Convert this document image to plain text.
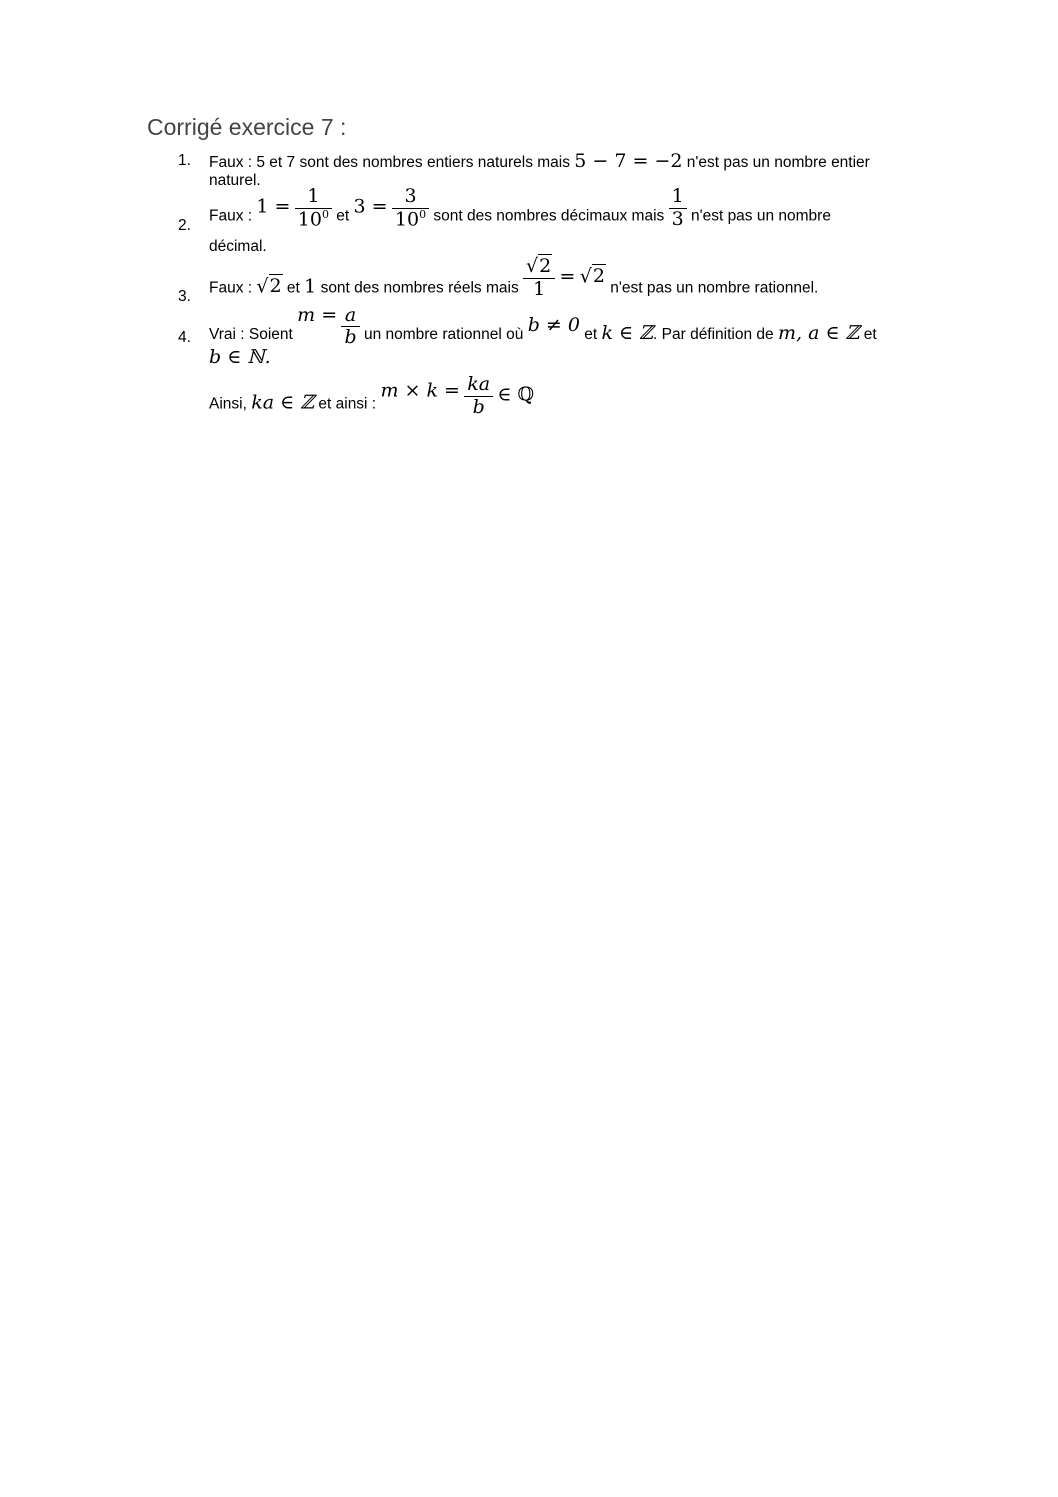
Corrigé exercice 7 :
1. Faux : 5 et 7 sont des nombres entiers naturels mais 5 − 7 = −2 n'est pas un nombre entier
naturel.
2.
Faux : $1 = \frac{1}{10^0}$ et $3 = \frac{3}{10^0}$ sont des nombres décimaux mais $\frac{1}{3} n'est$ pas un nombre
décimal.
3.
Faux : √2 et 1 sont des nombres réels mais $\frac{√2}{1} = √2$ n'est pas un nombre rationnel.
4. Vrai : Soient $m = \frac{a}{b}$ un nombre rationnel où b ≠ 0 et k ∈ ℤ. Par définition de m, a ∈ ℤ et
b ∈ ℕ.
Ainsi, ka ∈ ℤ et ainsi : $m \times k = \frac{ka}{b}$ ∈ ℚ
